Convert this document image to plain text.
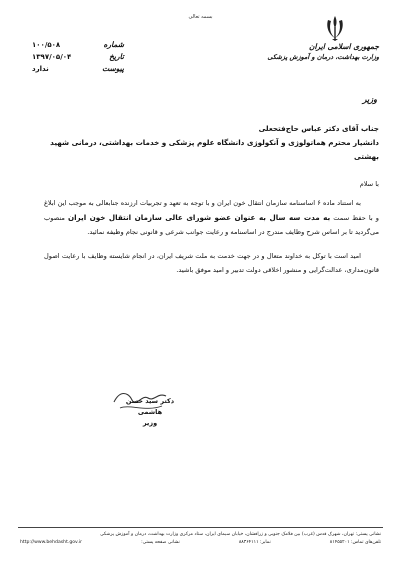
بسمه تعالی
جمهوری اسلامی ایران
وزارت بهداشت، درمان و آموزش پزشکی
وزیر
شماره
۱۰۰/۵۰۸
تاریخ
۱۳۹۷/۰۵/۰۴
پیوست
ندارد
جناب آقای دکتر عباس حاج‌فتحعلی
دانشیار محترم هماتولوژی و آنکولوژی دانشگاه علوم پزشکی و خدمات بهداشتی، درمانی شهید بهشتی
با سلام

به استناد ماده ۶ اساسنامه سازمان انتقال خون ایران و با توجه به تعهد و تجربیات ارزنده جنابعالی به موجب این ابلاغ و با حفظ سمت به مدت سه سال به عنوان عضو شورای عالی سازمان انتقال خون ایران منصوب می‌گردید تا بر اساس شرح وظایف مندرج در اساسنامه و رعایت جوانب شرعی و قانونی نجام وظیفه نمائید.

امید است با توکل به خداوند متعال و در جهت خدمت به ملت شریف ایران، در انجام شایسته وظایف با رعایت اصول قانون‌مداری، عدالت‌گرایی و منشور اخلاقی دولت تدبیر و امید موفق باشید.

دکتر سید حسن هاشمی
وزیر
نشانی پستی: تهران، شهرک قدس (غرب) بین فلامک جنوبی و زرافشان، خیابان سیمای ایران، ستاد مرکزی وزارت بهداشت، درمان و آموزش پزشکی
تلفن‌های تماس: ۸۱۴۵۵۲۰۱
نمابر: ۸۸۳۶۴۱۱۱
نشانی صفحه پستی:
http://www.behdasht.gov.ir
